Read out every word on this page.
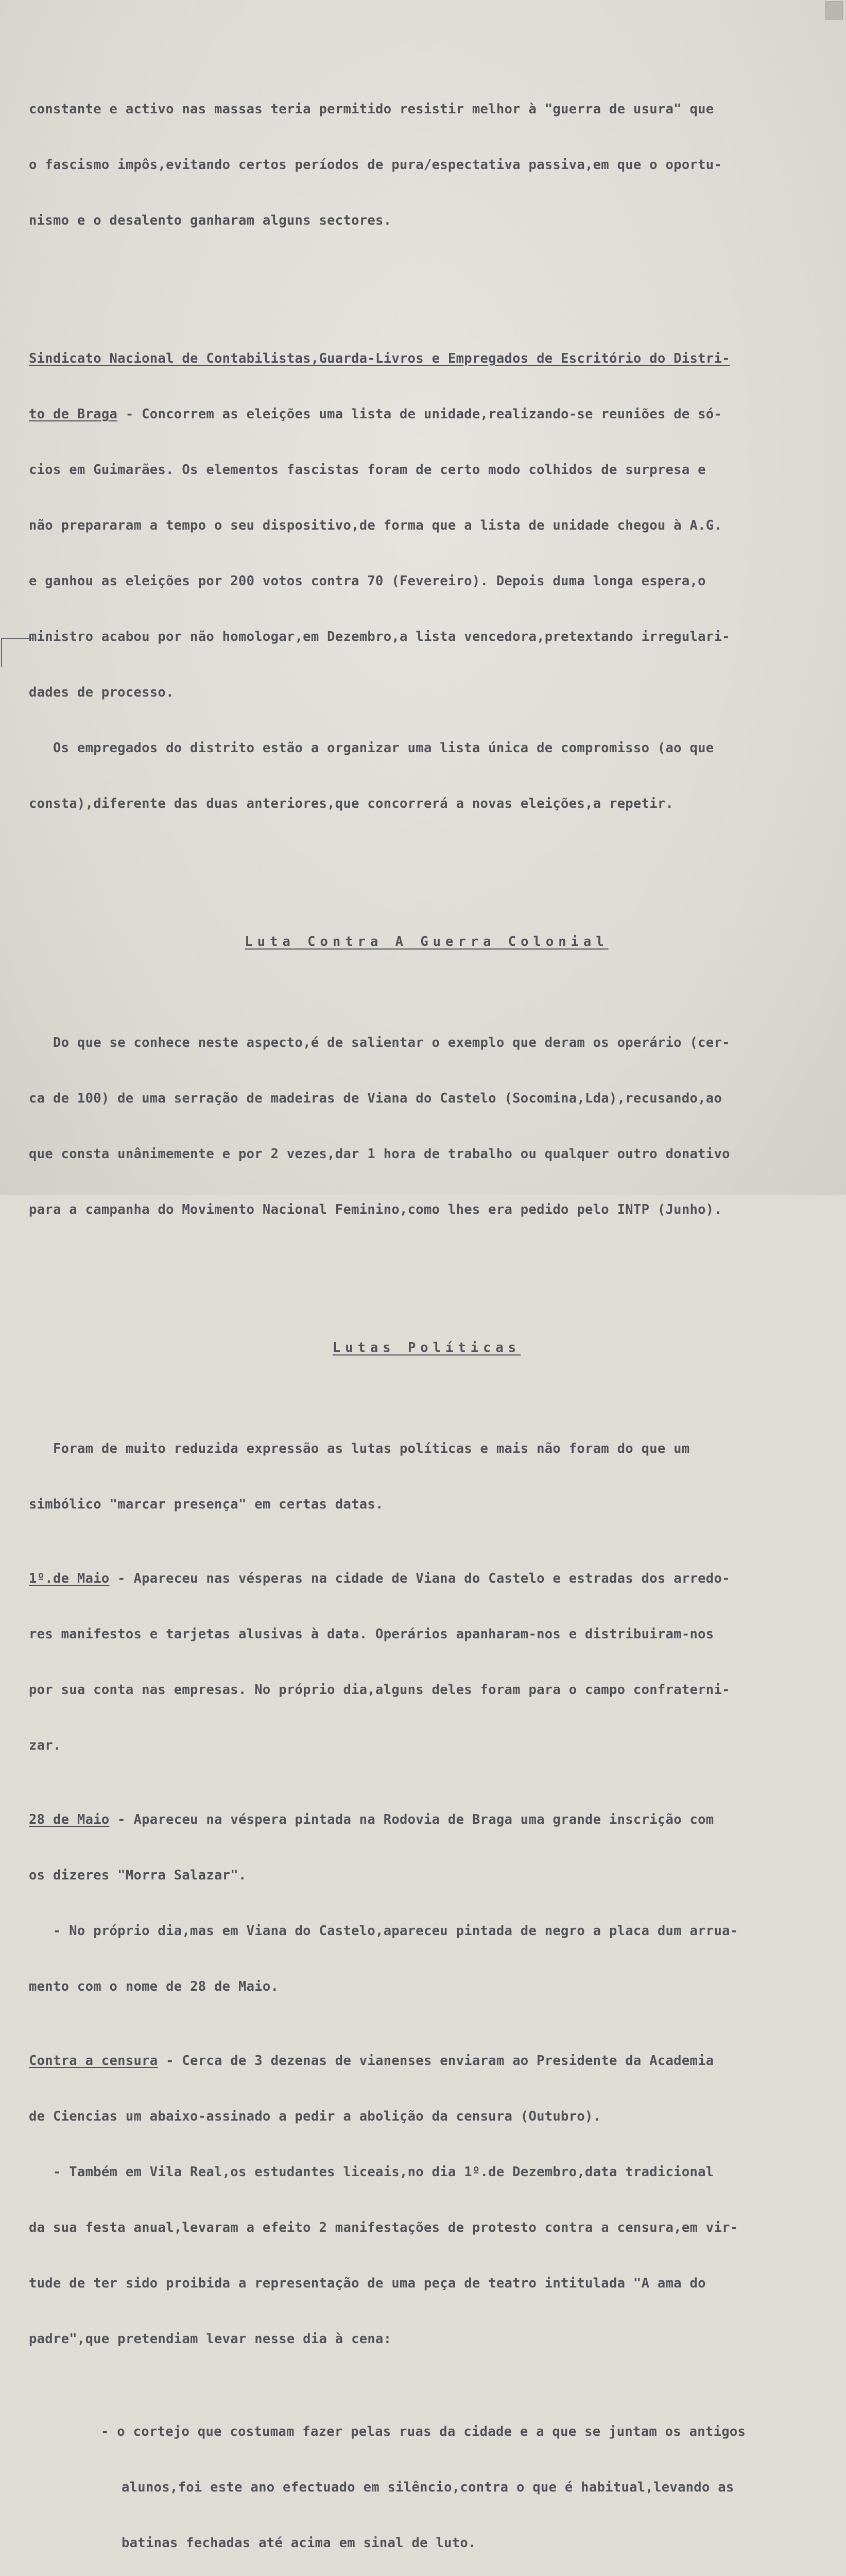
constante e activo nas massas teria permitido resistir melhor à "guerra de usura" que

o fascismo impôs,evitando certos períodos de pura/espectativa passiva,em que o oportu-

nismo e o desalento ganharam alguns sectores.

Sindicato Nacional de Contabilistas,Guarda-Livros e Empregados de Escritório do Distri-

to de Braga - Concorrem as eleições uma lista de unidade,realizando-se reuniões de só-

cios em Guimarães. Os elementos fascistas foram de certo modo colhidos de surpresa e

não prepararam a tempo o seu dispositivo,de forma que a lista de unidade chegou à A.G.

e ganhou as eleições por 200 votos contra 70 (Fevereiro). Depois duma longa espera,o

ministro acabou por não homologar,em Dezembro,a lista vencedora,pretextando irregulari-

dades de processo.

Os empregados do distrito estão a organizar uma lista única de compromisso (ao que

consta),diferente das duas anteriores,que concorrerá a novas eleições,a repetir.

Luta Contra A Guerra Colonial

Do que se conhece neste aspecto,é de salientar o exemplo que deram os operário (cer-

ca de 100) de uma serração de madeiras de Viana do Castelo (Socomina,Lda),recusando,ao

que consta unânimemente e por 2 vezes,dar 1 hora de trabalho ou qualquer outro donativo

para a campanha do Movimento Nacional Feminino,como lhes era pedido pelo INTP (Junho).

Lutas Políticas

Foram de muito reduzida expressão as lutas políticas e mais não foram do que um

simbólico "marcar presença" em certas datas.

1º.de Maio - Apareceu nas vésperas na cidade de Viana do Castelo e estradas dos arredo-

res manifestos e tarjetas alusivas à data. Operários apanharam-nos e distribuiram-nos

por sua conta nas empresas. No próprio dia,alguns deles foram para o campo confraterni-

zar.

28 de Maio - Apareceu na véspera pintada na Rodovia de Braga uma grande inscrição com

os dizeres "Morra Salazar".

- No próprio dia,mas em Viana do Castelo,apareceu pintada de negro a placa dum arrua-

mento com o nome de 28 de Maio.

Contra a censura - Cerca de 3 dezenas de vianenses enviaram ao Presidente da Academia

de Ciencias um abaixo-assinado a pedir a abolição da censura (Outubro).

- Também em Vila Real,os estudantes liceais,no dia 1º.de Dezembro,data tradicional

da sua festa anual,levaram a efeito 2 manifestações de protesto contra a censura,em vir-

tude de ter sido proibida a representação de uma peça de teatro intitulada "A ama do

padre",que pretendiam levar nesse dia à cena:

- o cortejo que costumam fazer pelas ruas da cidade e a que se juntam os antigos

alunos,foi este ano efectuado em silêncio,contra o que é habitual,levando as

batinas fechadas até acima em sinal de luto.
